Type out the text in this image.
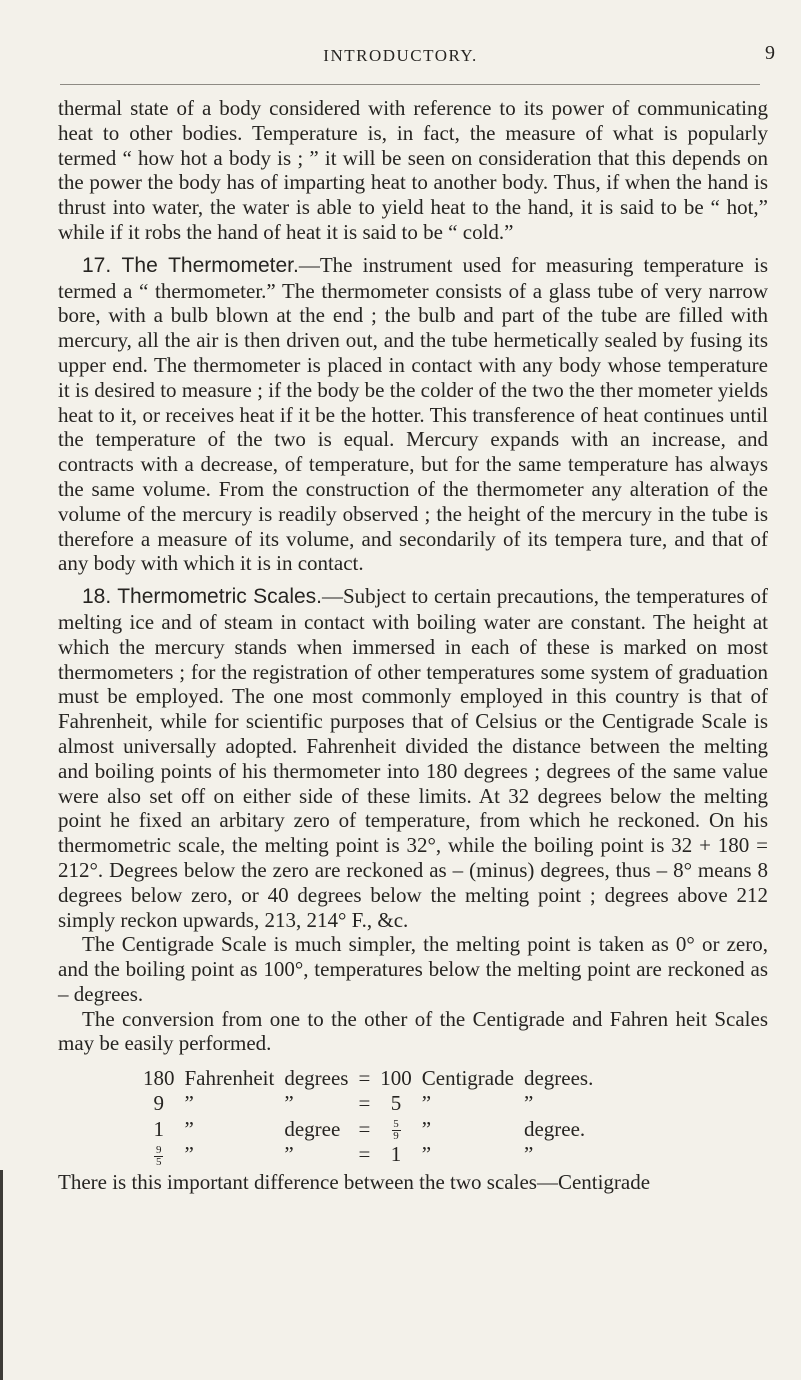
INTRODUCTORY.	9

thermal state of a body considered with reference to its power of communicating heat to other bodies. Temperature is, in fact, the measure of what is popularly termed “ how hot a body is ; ” it will be seen on consideration that this depends on the power the body has of imparting heat to another body. Thus, if when the hand is thrust into water, the water is able to yield heat to the hand, it is said to be “ hot,” while if it robs the hand of heat it is said to be “ cold.”

17. The Thermometer.—The instrument used for measuring temperature is termed a “ thermometer.” The thermometer consists of a glass tube of very narrow bore, with a bulb blown at the end ; the bulb and part of the tube are filled with mercury, all the air is then driven out, and the tube hermetically sealed by fusing its upper end. The thermometer is placed in contact with any body whose temperature it is desired to measure ; if the body be the colder of the two the ther mometer yields heat to it, or receives heat if it be the hotter. This transference of heat continues until the temperature of the two is equal. Mercury expands with an increase, and contracts with a decrease, of temperature, but for the same temperature has always the same volume. From the construction of the thermometer any alteration of the volume of the mercury is readily observed ; the height of the mercury in the tube is therefore a measure of its volume, and secondarily of its tempera ture, and that of any body with which it is in contact.

18. Thermometric Scales.—Subject to certain precautions, the temperatures of melting ice and of steam in contact with boiling water are constant. The height at which the mercury stands when immersed in each of these is marked on most thermometers ; for the registration of other temperatures some system of graduation must be employed. The one most commonly employed in this country is that of Fahrenheit, while for scientific purposes that of Celsius or the Centigrade Scale is almost universally adopted. Fahrenheit divided the distance between the melting and boiling points of his thermometer into 180 degrees ; degrees of the same value were also set off on either side of these limits. At 32 degrees below the melting point he fixed an arbitary zero of temperature, from which he reckoned. On his thermometric scale, the melting point is 32°, while the boiling point is 32 + 180 = 212°. Degrees below the zero are reckoned as – (minus) degrees, thus – 8° means 8 degrees below zero, or 40 degrees below the melting point ; degrees above 212 simply reckon upwards, 213, 214° F., &c.

The Centigrade Scale is much simpler, the melting point is taken as 0° or zero, and the boiling point as 100°, temperatures below the melting point are reckoned as – degrees.

The conversion from one to the other of the Centigrade and Fahren heit Scales may be easily performed.

180	Fahrenheit	degrees	=	100	Centigrade	degrees.
9	”	”	=	5	”	”
1	”	degree	=	$\frac{5}{9}$	”	degree.

$\frac{9}{5}$	”	”	=	1	”	”

There is this important difference between the two scales—Centigrade
